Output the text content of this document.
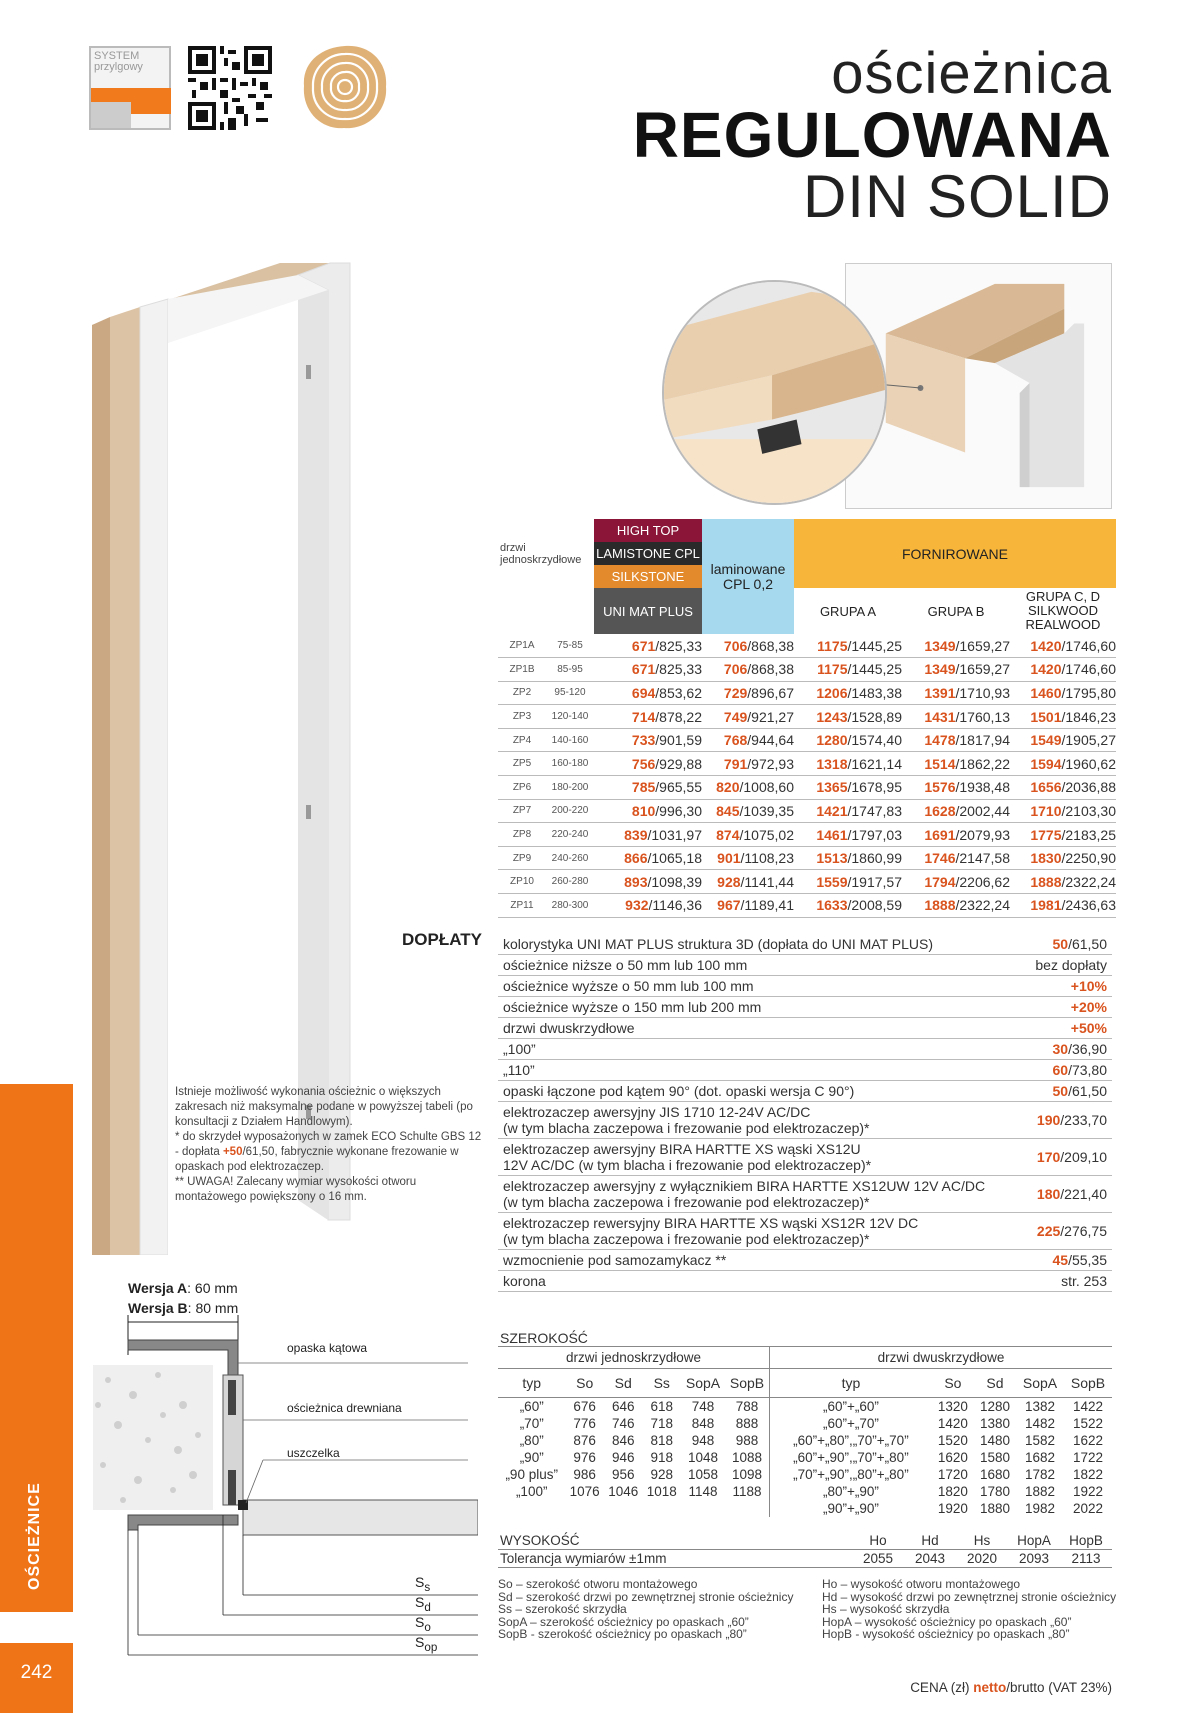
SYSTEM
przylgowy	ościeżnica
REGULOWANA
DIN SOLID
drzwi jednoskrzydłowe		HIGH TOP	laminowane CPL 0,2	FORNIROWANE		
		LAMISTONE CPL				
		SILKSTONE				
		UNI MAT PLUS		GRUPA A	GRUPA B	GRUPA C, D SILKWOOD REALWOOD

ZP1A	75-85	671/825,33	706/868,38	1175/1445,25	1349/1659,27	1420/1746,60
ZP1B	85-95	671/825,33	706/868,38	1175/1445,25	1349/1659,27	1420/1746,60
ZP2	95-120	694/853,62	729/896,67	1206/1483,38	1391/1710,93	1460/1795,80
ZP3	120-140	714/878,22	749/921,27	1243/1528,89	1431/1760,13	1501/1846,23
ZP4	140-160	733/901,59	768/944,64	1280/1574,40	1478/1817,94	1549/1905,27
ZP5	160-180	756/929,88	791/972,93	1318/1621,14	1514/1862,22	1594/1960,62
ZP6	180-200	785/965,55	820/1008,60	1365/1678,95	1576/1938,48	1656/2036,88
ZP7	200-220	810/996,30	845/1039,35	1421/1747,83	1628/2002,44	1710/2103,30
ZP8	220-240	839/1031,97	874/1075,02	1461/1797,03	1691/2079,93	1775/2183,25
ZP9	240-260	866/1065,18	901/1108,23	1513/1860,99	1746/2147,58	1830/2250,90
ZP10	260-280	893/1098,39	928/1141,44	1559/1917,57	1794/2206,62	1888/2322,24
ZP11	280-300	932/1146,36	967/1189,41	1633/2008,59	1888/2322,24	1981/2436,63
DOPŁATY kolorystyka UNI MAT PLUS struktura 3D (dopłata do UNI MAT PLUS)	50/61,50
ościeżnice niższe o 50 mm lub 100 mm	bez dopłaty
ościeżnice wyższe o 50 mm lub 100 mm	+10%
ościeżnice wyższe o 150 mm lub 200 mm	+20%
drzwi dwuskrzydłowe	+50%
„100”	30/36,90
„110”	60/73,80
opaski łączone pod kątem 90° (dot. opaski wersja C 90°)	50/61,50
elektrozaczep awersyjny JIS 1710 12-24V AC/DC
(w tym blacha zaczepowa i frezowanie pod elektrozaczep)*	190/233,70
elektrozaczep awersyjny BIRA HARTTE XS wąski XS12U
12V AC/DC (w tym blacha i frezowanie pod elektrozaczep)*	170/209,10
elektrozaczep awersyjny z wyłącznikiem BIRA HARTTE XS12UW 12V AC/DC
(w tym blacha zaczepowa i frezowanie pod elektrozaczep)*	180/221,40
elektrozaczep rewersyjny BIRA HARTTE XS wąski XS12R 12V DC
(w tym blacha zaczepowa i frezowanie pod elektrozaczep)*	225/276,75
wzmocnienie pod samozamykacz **	45/55,35
korona	str. 253
Istnieje możliwość wykonania ościeżnic o większych zakresach niż maksymalne podane w powyższej tabeli (po konsultacji z Działem Handlowym).
* do skrzydeł wyposażonych w zamek ECO Schulte GBS 12 - dopłata +50/61,50, fabrycznie wykonane frezowanie w opaskach pod elektrozaczep.
** UWAGA! Zalecany wymiar wysokości otworu montażowego powiększony o 16 mm.
Wersja A: 60 mm
Wersja B: 80 mm
opaska kątowa
ościeżnica drewniana
uszczelka
$S_s$
$S_d$
$S_o$
$S_{op}$
SZEROKOŚĆ
drzwi jednoskrzydłowe
typ	So	Sd	Ss	SopA	SopB
„60”	676	646	618	748	788
„70”	776	746	718	848	888
„80”	876	846	818	948	988
„90”	976	946	918	1048	1088
„90 plus”	986	956	928	1058	1098
„100”	1076	1046	1018	1148	1188
drzwi dwuskrzydłowe
typ	So	Sd	SopA	SopB
„60”+„60”	1320	1280	1382	1422
„60”+„70”	1420	1380	1482	1522
„60”+„80”,„70”+„70”	1520	1480	1582	1622
„60”+„90”,„70”+„80”	1620	1580	1682	1722
„70”+„90”,„80”+„80”	1720	1680	1782	1822
„80”+„90”	1820	1780	1882	1922
„90”+„90”	1920	1880	1982	2022
WYSOKOŚĆ	Ho	Hd	Hs	HopA	HopB
Tolerancja wymiarów ±1mm	2055	2043	2020	2093	2113
So – szerokość otworu montażowego
Sd – szerokość drzwi po zewnętrznej stronie ościeżnicy
Ss – szerokość skrzydła
SopA – szerokość ościeżnicy po opaskach „60”
SopB - szerokość ościeżnicy po opaskach „80”
Ho – wysokość otworu montażowego
Hd – wysokość drzwi po zewnętrznej stronie ościeżnicy
Hs – wysokość skrzydła
HopA – wysokość ościeżnicy po opaskach „60”
HopB - wysokość ościeżnicy po opaskach „80”
CENA (zł) netto/brutto (VAT 23%)
OŚCIEŻNICE
242
